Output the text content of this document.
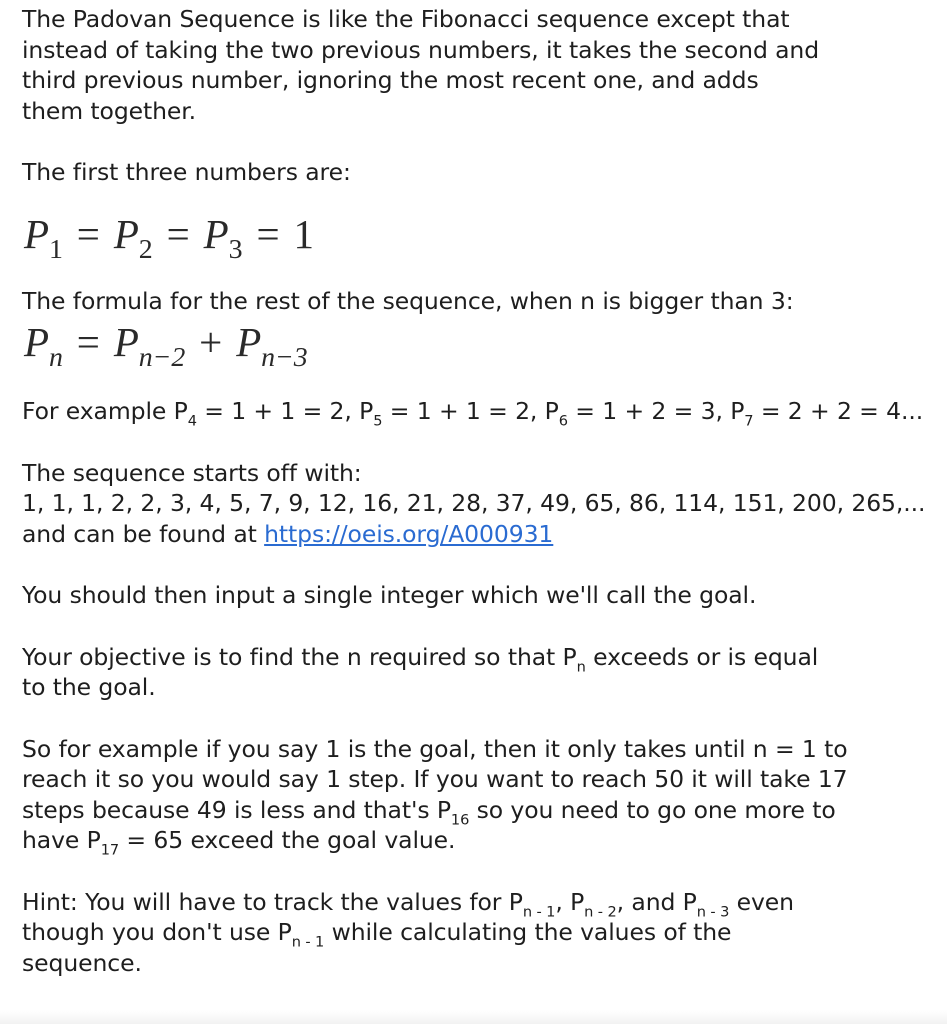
The Padovan Sequence is like the Fibonacci sequence except that

instead of taking the two previous numbers, it takes the second and

third previous number, ignoring the most recent one, and adds

them together.

The first three numbers are:

$P_1 = P_2 = P_3 = 1$

The formula for the rest of the sequence, when n is bigger than 3:

$P_n = P_{n-2} + P_{n-3}$

For example $P_4 = 1 + 1 = 2$, $P_5 = 1 + 1 = 2$, $P_6 = 1 + 2 = 3$, $P_7 = 2 + 2 = 4$...

The sequence starts off with:

1, 1, 1, 2, 2, 3, 4, 5, 7, 9, 12, 16, 21, 28, 37, 49, 65, 86, 114, 151, 200, 265,...

and can be found at https://oeis.org/A000931

You should then input a single integer which we'll call the goal.

Your objective is to find the n required so that $P_n$ exceeds or is equal

to the goal.

So for example if you say 1 is the goal, then it only takes until n = 1 to

reach it so you would say 1 step. If you want to reach 50 it will take 17

steps because 49 is less and that's $P_{16}$ so you need to go one more to

have $P_{17} = 65$ exceed the goal value.

Hint: You will have to track the values for $P_{n - 1}$, $P_{n - 2}$, and $P_{n - 3}$ even

though you don't use $P_{n - 1}$ while calculating the values of the

sequence.
